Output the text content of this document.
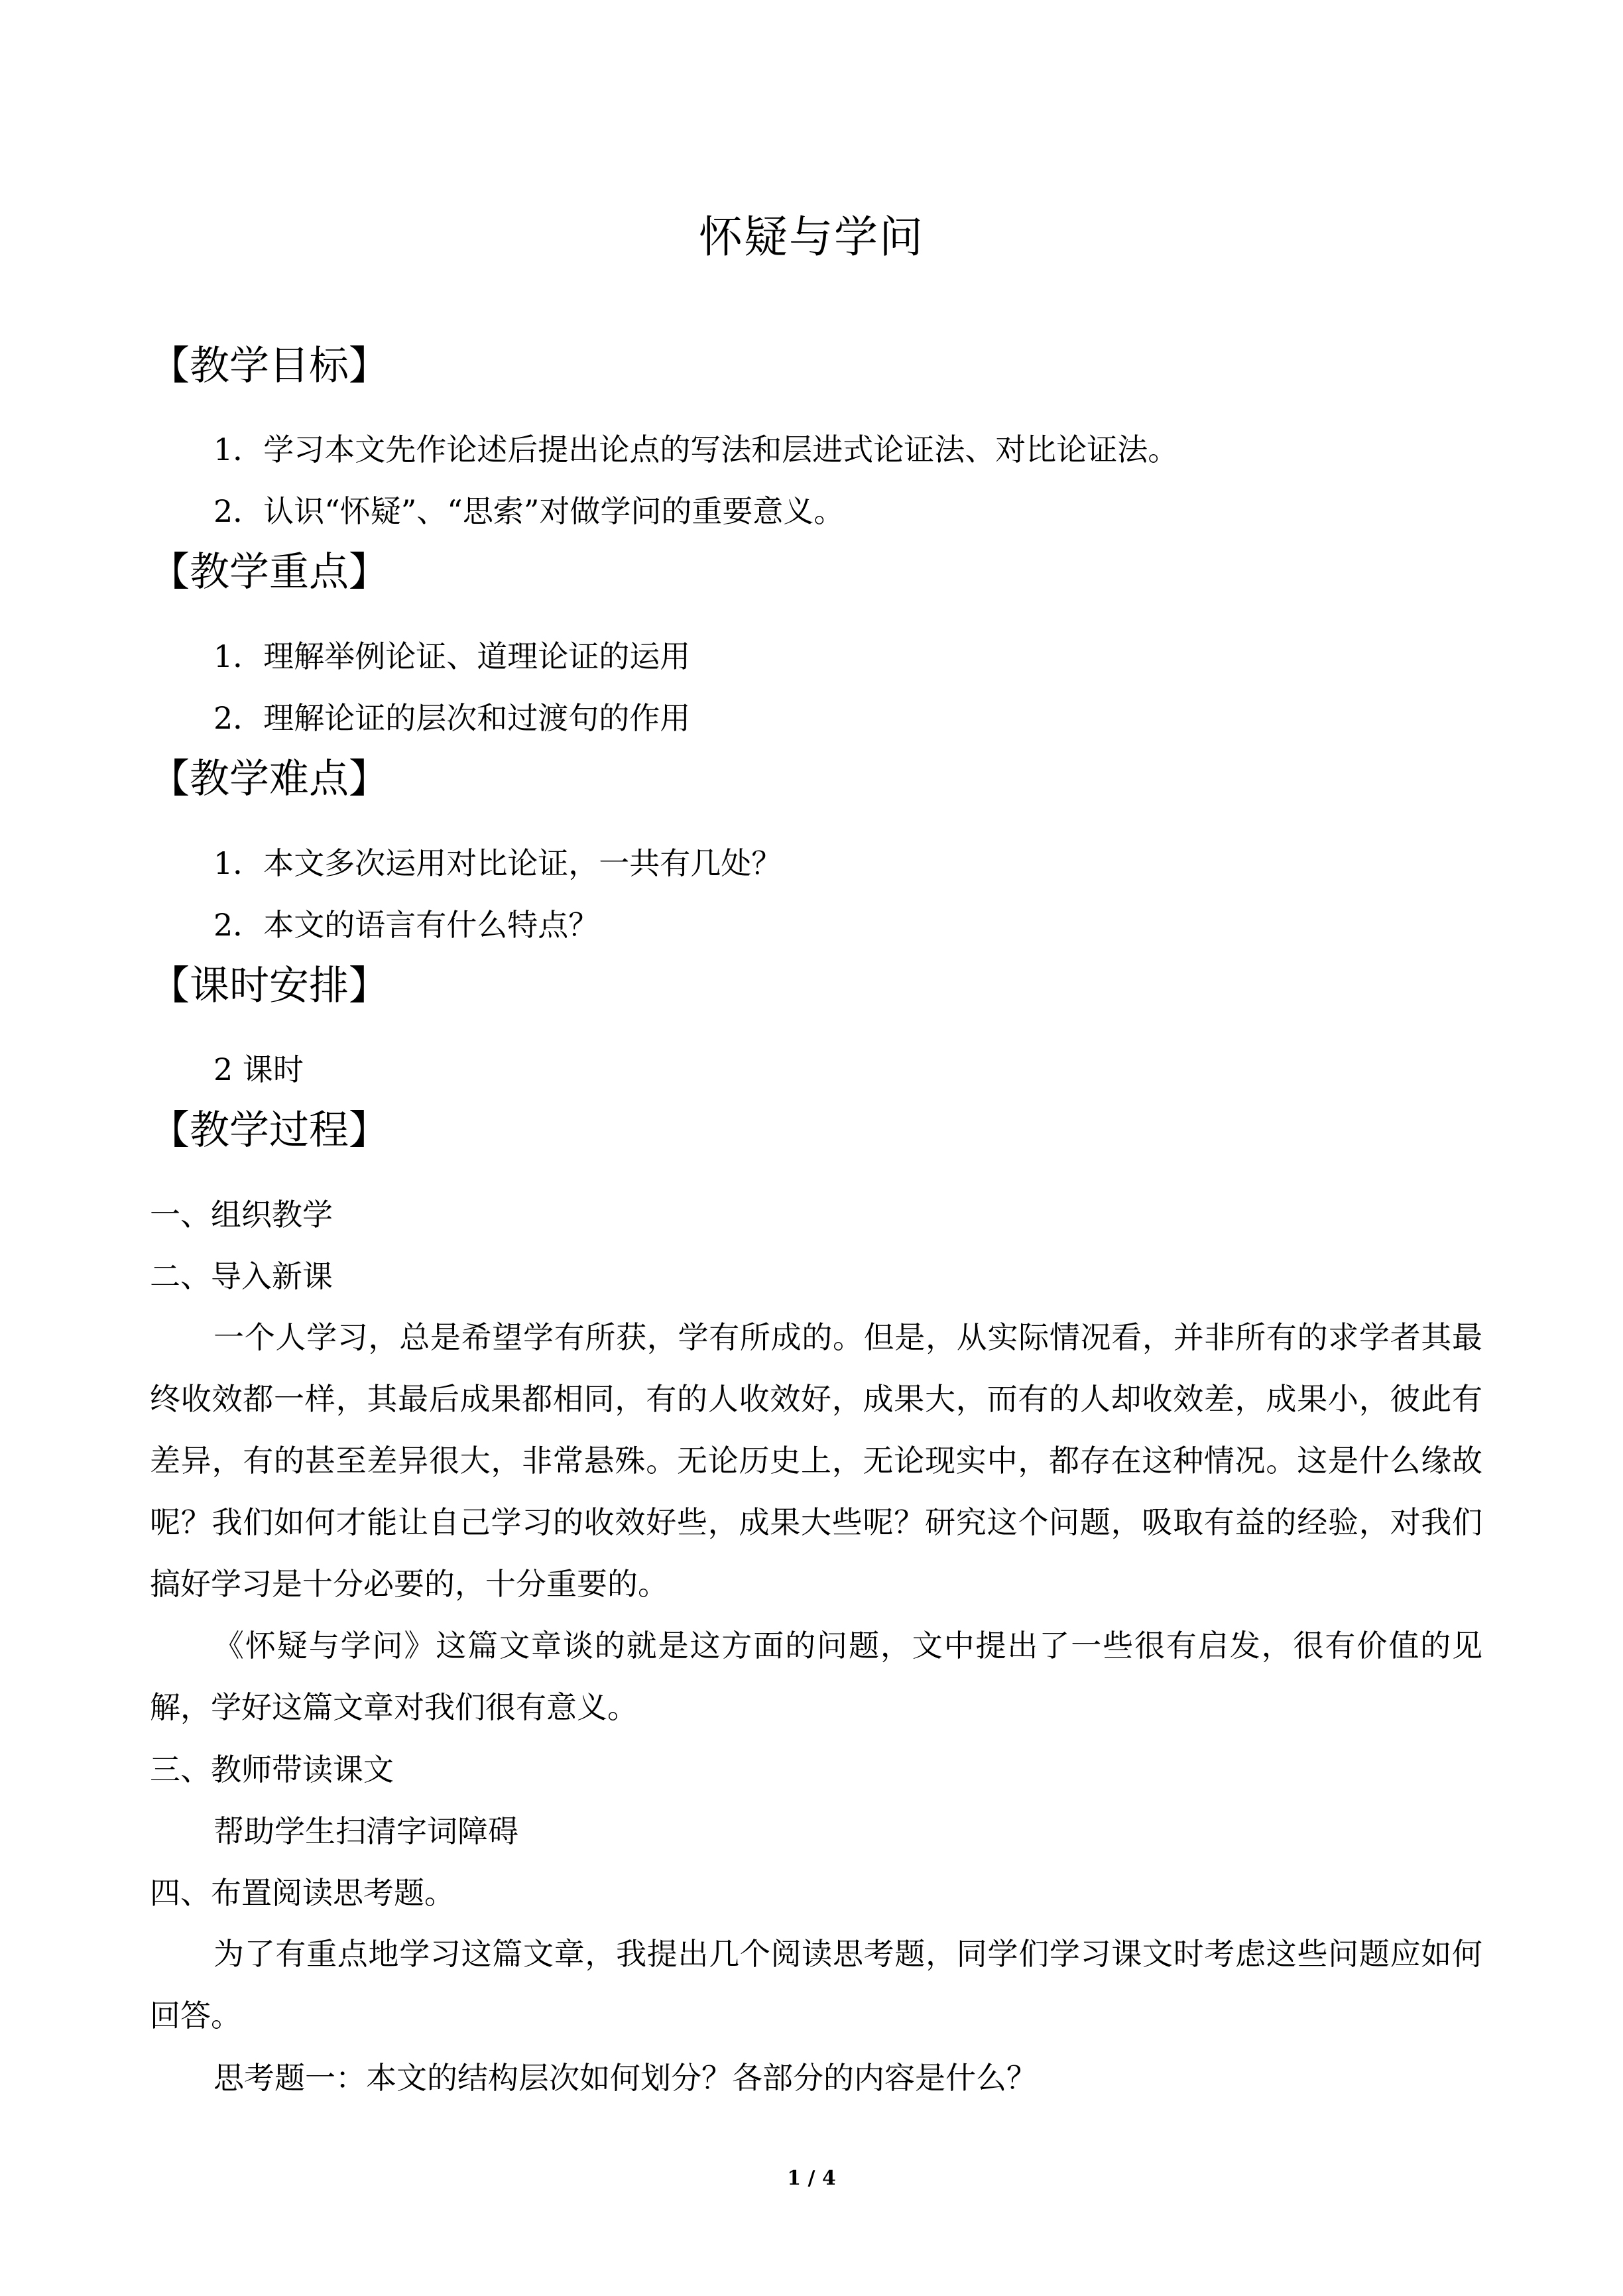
怀疑与学问
【教学目标】
1．学习本文先作论述后提出论点的写法和层进式论证法、对比论证法。
2．认识“怀疑”、“思索”对做学问的重要意义。
【教学重点】
1．理解举例论证、道理论证的运用
2．理解论证的层次和过渡句的作用
【教学难点】
1．本文多次运用对比论证，一共有几处？
2．本文的语言有什么特点？
【课时安排】
2 课时
【教学过程】
一、组织教学
二、导入新课
一个人学习，总是希望学有所获，学有所成的。但是，从实际情况看，并非所有的求学者其最终收效都一样，其最后成果都相同，有的人收效好，成果大，而有的人却收效差，成果小，彼此有差异，有的甚至差异很大，非常悬殊。无论历史上，无论现实中，都存在这种情况。这是什么缘故呢？我们如何才能让自己学习的收效好些，成果大些呢？研究这个问题，吸取有益的经验，对我们搞好学习是十分必要的，十分重要的。
《怀疑与学问》这篇文章谈的就是这方面的问题，文中提出了一些很有启发，很有价值的见解，学好这篇文章对我们很有意义。
三、教师带读课文
帮助学生扫清字词障碍
四、布置阅读思考题。
为了有重点地学习这篇文章，我提出几个阅读思考题，同学们学习课文时考虑这些问题应如何回答。
思考题一：本文的结构层次如何划分？各部分的内容是什么？
1 / 4
